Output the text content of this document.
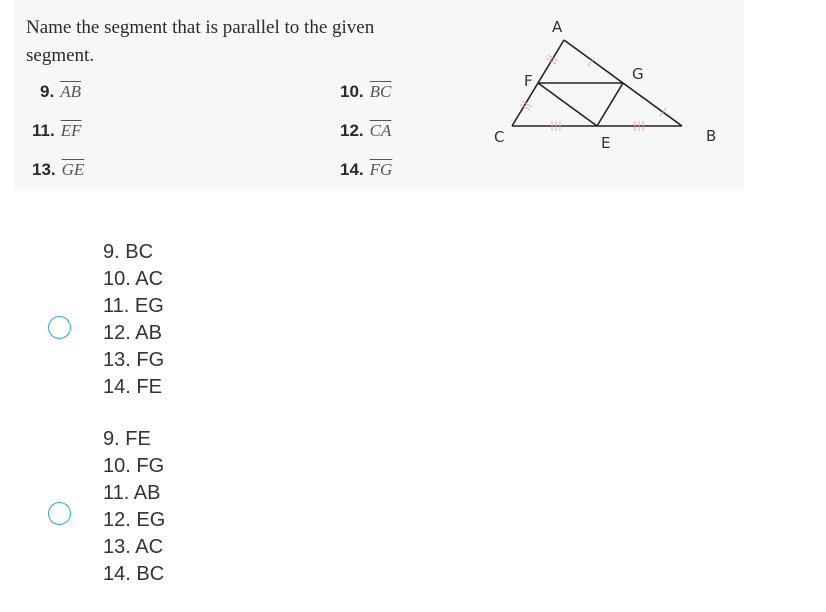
Name the segment that is parallel to the given segment.
9. $\overline{AB}$	10. $\overline{BC}$
11. $\overline{EF}$	12. $\overline{CA}$
13. $\overline{GE}$	14. $\overline{FG}$
A
F	G
C	E	B
9. BC
10. AC
11. EG
12. AB
13. FG
14. FE
9. FE
10. FG
11. AB
12. EG
13. AC
14. BC
